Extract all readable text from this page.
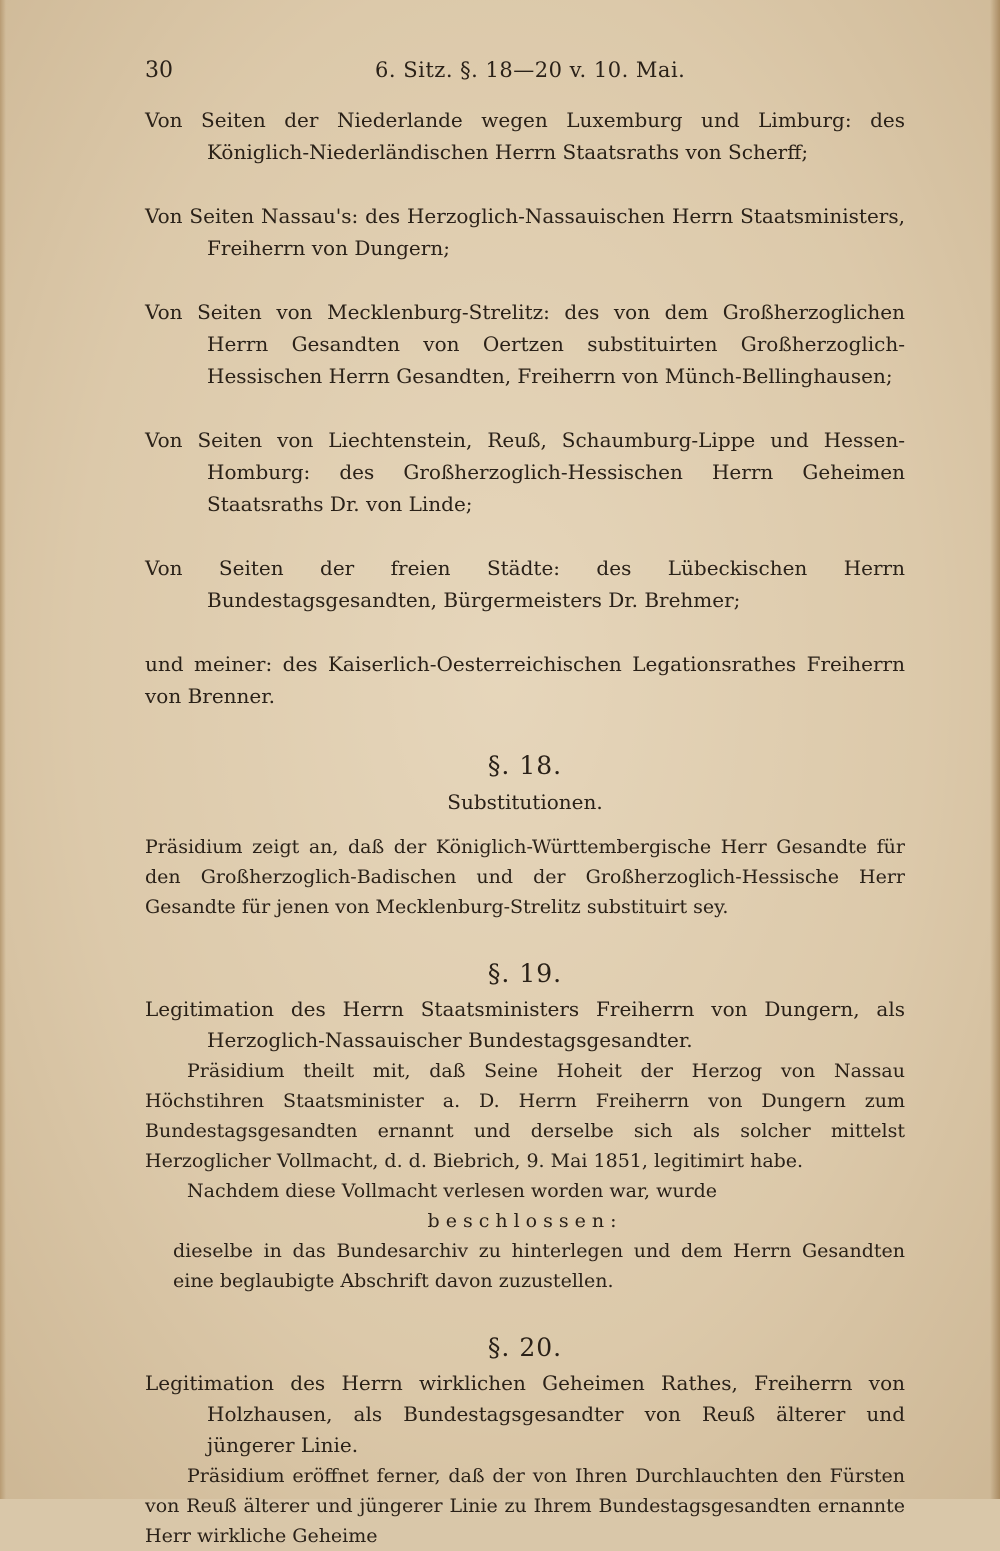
30	6. Sitz. §. 18—20 v. 10. Mai.

Von Seiten der Niederlande wegen Luxemburg und Limburg: des Königlich-Niederländischen Herrn Staatsraths von Scherff;

Von Seiten Nassau's: des Herzoglich-Nassauischen Herrn Staatsministers, Freiherrn von Dungern;

Von Seiten von Mecklenburg-Strelitz: des von dem Großherzoglichen Herrn Gesandten von Oertzen substituirten Großherzoglich-Hessischen Herrn Gesandten, Freiherrn von Münch-Bellinghausen;

Von Seiten von Liechtenstein, Reuß, Schaumburg-Lippe und Hessen-Homburg: des Großherzoglich-Hessischen Herrn Geheimen Staatsraths Dr. von Linde;

Von Seiten der freien Städte: des Lübeckischen Herrn Bundestagsgesandten, Bürgermeisters Dr. Brehmer;

und meiner: des Kaiserlich-Oesterreichischen Legationsrathes Freiherrn von Brenner.

§. 18.
Substitutionen.

Präsidium zeigt an, daß der Königlich-Württembergische Herr Gesandte für den Großherzoglich-Badischen und der Großherzoglich-Hessische Herr Gesandte für jenen von Mecklenburg-Strelitz substituirt sey.

§. 19.

Legitimation des Herrn Staatsministers Freiherrn von Dungern, als Herzoglich-Nassauischer Bundestagsgesandter.

Präsidium theilt mit, daß Seine Hoheit der Herzog von Nassau Höchstihren Staatsminister a. D. Herrn Freiherrn von Dungern zum Bundestagsgesandten ernannt und derselbe sich als solcher mittelst Herzoglicher Vollmacht, d. d. Biebrich, 9. Mai 1851, legitimirt habe.

Nachdem diese Vollmacht verlesen worden war, wurde

beschlossen:

dieselbe in das Bundesarchiv zu hinterlegen und dem Herrn Gesandten eine beglaubigte Abschrift davon zuzustellen.

§. 20.

Legitimation des Herrn wirklichen Geheimen Rathes, Freiherrn von Holzhausen, als Bundestagsgesandter von Reuß älterer und jüngerer Linie.

Präsidium eröffnet ferner, daß der von Ihren Durchlauchten den Fürsten von Reuß älterer und jüngerer Linie zu Ihrem Bundestagsgesandten ernannte Herr wirkliche Geheime
